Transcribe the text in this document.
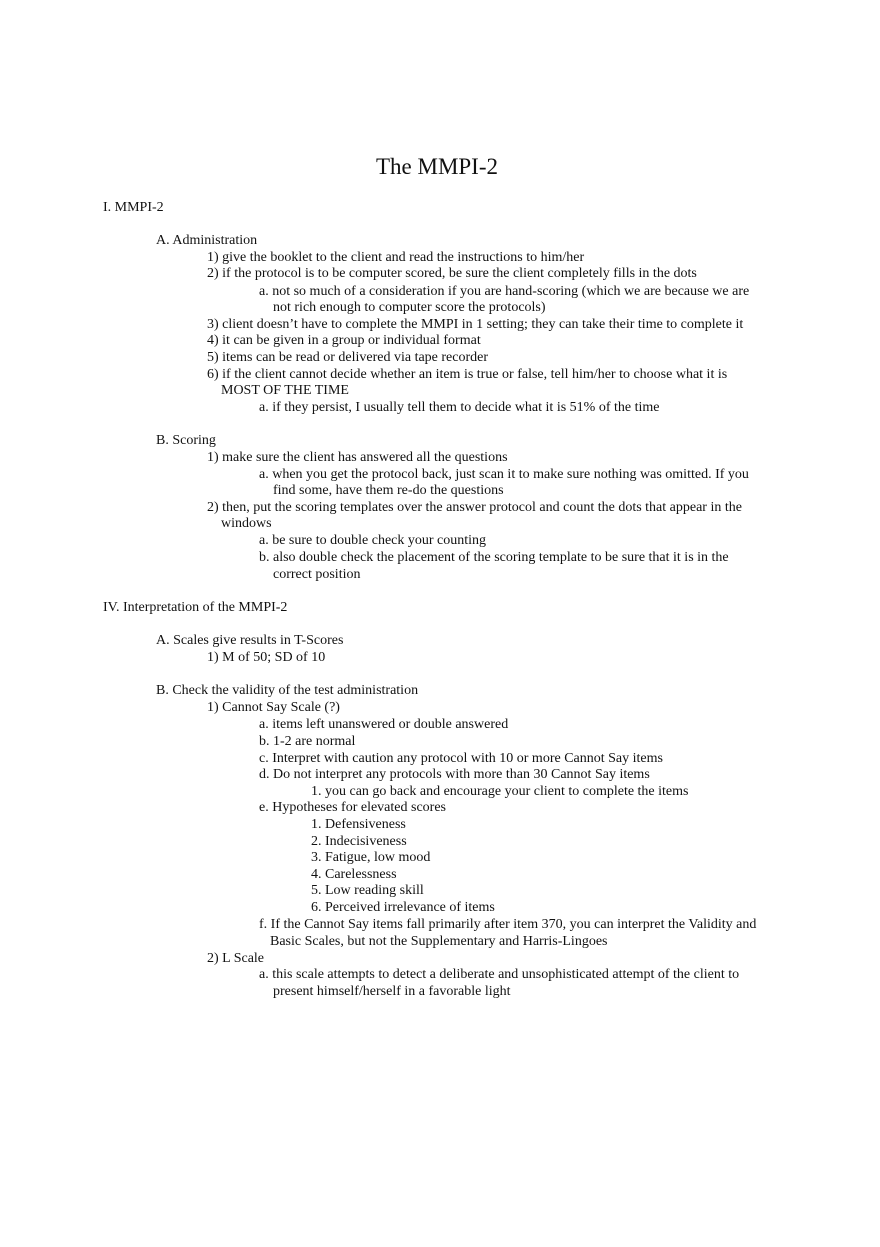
The MMPI-2
I. MMPI-2
A. Administration
1) give the booklet to the client and read the instructions to him/her
2) if the protocol is to be computer scored, be sure the client completely fills in the dots
a. not so much of a consideration if you are hand-scoring (which we are because we are
not rich enough to computer score the protocols)
3) client doesn’t have to complete the MMPI in 1 setting; they can take their time to complete it
4) it can be given in a group or individual format
5) items can be read or delivered via tape recorder
6) if the client cannot decide whether an item is true or false, tell him/her to choose what it is
MOST OF THE TIME
a. if they persist, I usually tell them to decide what it is 51% of the time
B. Scoring
1) make sure the client has answered all the questions
a. when you get the protocol back, just scan it to make sure nothing was omitted. If you
find some, have them re-do the questions
2) then, put the scoring templates over the answer protocol and count the dots that appear in the
windows
a. be sure to double check your counting
b. also double check the placement of the scoring template to be sure that it is in the
correct position
IV. Interpretation of the MMPI-2
A. Scales give results in T-Scores
1) M of 50; SD of 10
B. Check the validity of the test administration
1) Cannot Say Scale (?)
a. items left unanswered or double answered
b. 1-2 are normal
c. Interpret with caution any protocol with 10 or more Cannot Say items
d. Do not interpret any protocols with more than 30 Cannot Say items
1. you can go back and encourage your client to complete the items
e. Hypotheses for elevated scores
1. Defensiveness
2. Indecisiveness
3. Fatigue, low mood
4. Carelessness
5. Low reading skill
6. Perceived irrelevance of items
f. If the Cannot Say items fall primarily after item 370, you can interpret the Validity and
Basic Scales, but not the Supplementary and Harris-Lingoes
2) L Scale
a. this scale attempts to detect a deliberate and unsophisticated attempt of the client to
present himself/herself in a favorable light
